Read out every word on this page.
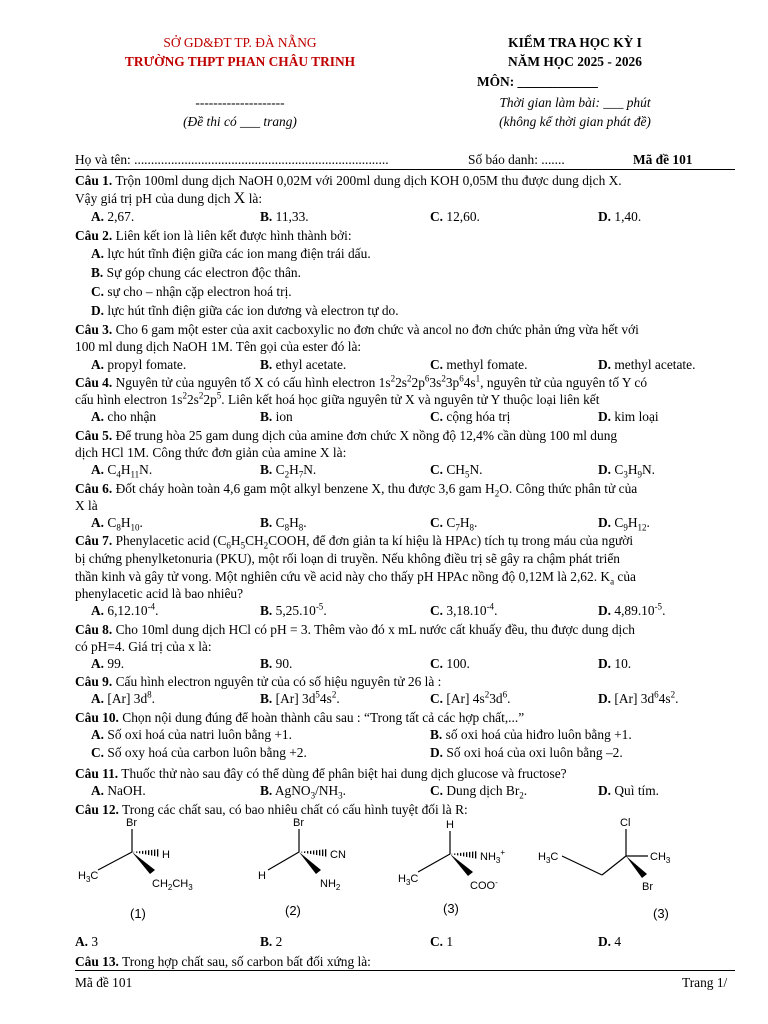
SỞ GD&ĐT TP. ĐÀ NẴNG
TRƯỜNG THPT PHAN CHÂU TRINH
--------------------
(Đề thi có ___ trang)
KIỂM TRA HỌC KỲ I
NĂM HỌC 2025 - 2026
MÔN: ____________
Thời gian làm bài: ___ phút
(không kể thời gian phát đề)
Họ và tên: ............................................................................	Số báo danh: .......	Mã đề 101
Câu 1. Trộn 100ml dung dịch NaOH 0,02M với 200ml dung dịch KOH 0,05M thu được dung dịch X.
Vậy giá trị pH của dung dịch X là:
A. 2,67.	B. 11,33.	C. 12,60.	D. 1,40.
Câu 2. Liên kết ion là liên kết được hình thành bởi:
A. lực hút tĩnh điện giữa các ion mang điện trái dấu.
B. Sự góp chung các electron độc thân.
C. sự cho – nhận cặp electron hoá trị.
D. lực hút tĩnh điện giữa các ion dương và electron tự do.
Câu 3. Cho 6 gam một ester của axit cacboxylic no đơn chức và ancol no đơn chức phản ứng vừa hết với
100 ml dung dịch NaOH 1M. Tên gọi của ester đó là:
A. propyl fomate.	B. ethyl acetate.	C. methyl fomate.	D. methyl acetate.
Câu 4. Nguyên tử của nguyên tố X có cấu hình electron $1s^22s^22p^63s^23p^64s^1$, nguyên tử của nguyên tố Y có
cấu hình electron $1s^22s^22p^5$. Liên kết hoá học giữa nguyên tử X và nguyên tử Y thuộc loại liên kết
A. cho nhận	B. ion	C. cộng hóa trị	D. kim loại
Câu 5. Để trung hòa 25 gam dung dịch của amine đơn chức X nồng độ 12,4% cần dùng 100 ml dung
dịch HCl 1M. Công thức đơn giản của amine X là:
A. $C_4H_{11}N$.	B. $C_2H_7N$.	C. $CH_5N$.	D. $C_3H_9N$.
Câu 6. Đốt cháy hoàn toàn 4,6 gam một alkyl benzene X, thu được 3,6 gam $H_2O$. Công thức phân tử của
X là
A. $C_8H_{10}$.	B. $C_8H_8$.	C. $C_7H_8$.	D. $C_9H_{12}$.
Câu 7. Phenylacetic acid ($C_6H_5CH_2COOH$, để đơn giản ta kí hiệu là HPAc) tích tụ trong máu của người
bị chứng phenylketonuria (PKU), một rối loạn di truyền. Nếu không điều trị sẽ gây ra chậm phát triển
thần kinh và gây tử vong. Một nghiên cứu về acid này cho thấy pH HPAc nồng độ 0,12M là 2,62. $K_a$ của
phenylacetic acid là bao nhiêu?
A. $6,12.10^{-4}$.	B. $5,25.10^{-5}$.	C. $3,18.10^{-4}$.	D. $4,89.10^{-5}$.
Câu 8. Cho 10ml dung dịch HCl có pH = 3. Thêm vào đó x mL nước cất khuấy đều, thu được dung dịch
có pH=4. Giá trị của x là:
A. 99.	B. 90.	C. 100.	D. 10.
Câu 9. Cấu hình electron nguyên tử của có số hiệu nguyên tử 26 là :
A. [Ar] $3d^8$.	B. [Ar] $3d^54s^2$.	C. [Ar] $4s^23d^6$.	D. [Ar] $3d^64s^2$.
Câu 10. Chọn nội dung đúng để hoàn thành câu sau : “Trong tất cả các hợp chất,...”
A. Số oxi hoá của natri luôn bằng +1.	B. số oxi hoá của hiđro luôn bằng +1.
C. Số oxy hoá của carbon luôn bằng +2.	D. Số oxi hoá của oxi luôn bằng –2.
Câu 11. Thuốc thử nào sau đây có thể dùng để phân biệt hai dung dịch glucose và fructose?
A. NaOH.	B. $AgNO_3/NH_3$.	C. Dung dịch $Br_2$.	D. Quì tím.
Câu 12. Trong các chất sau, có bao nhiêu chất có cấu hình tuyệt đối là R:
Br
$H_3C$
H
$CH_2CH_3$
Br
H
CN
$NH_2$
H
$H_3C$
$NH_3^+$
COO-
$H_3C$
Cl
$CH_3$
Br
(1)	(2)	(3)	(3)
A. 3	B. 2	C. 1	D. 4
Câu 13. Trong hợp chất sau, số carbon bất đối xứng là:
Mã đề 101	Trang 1/
